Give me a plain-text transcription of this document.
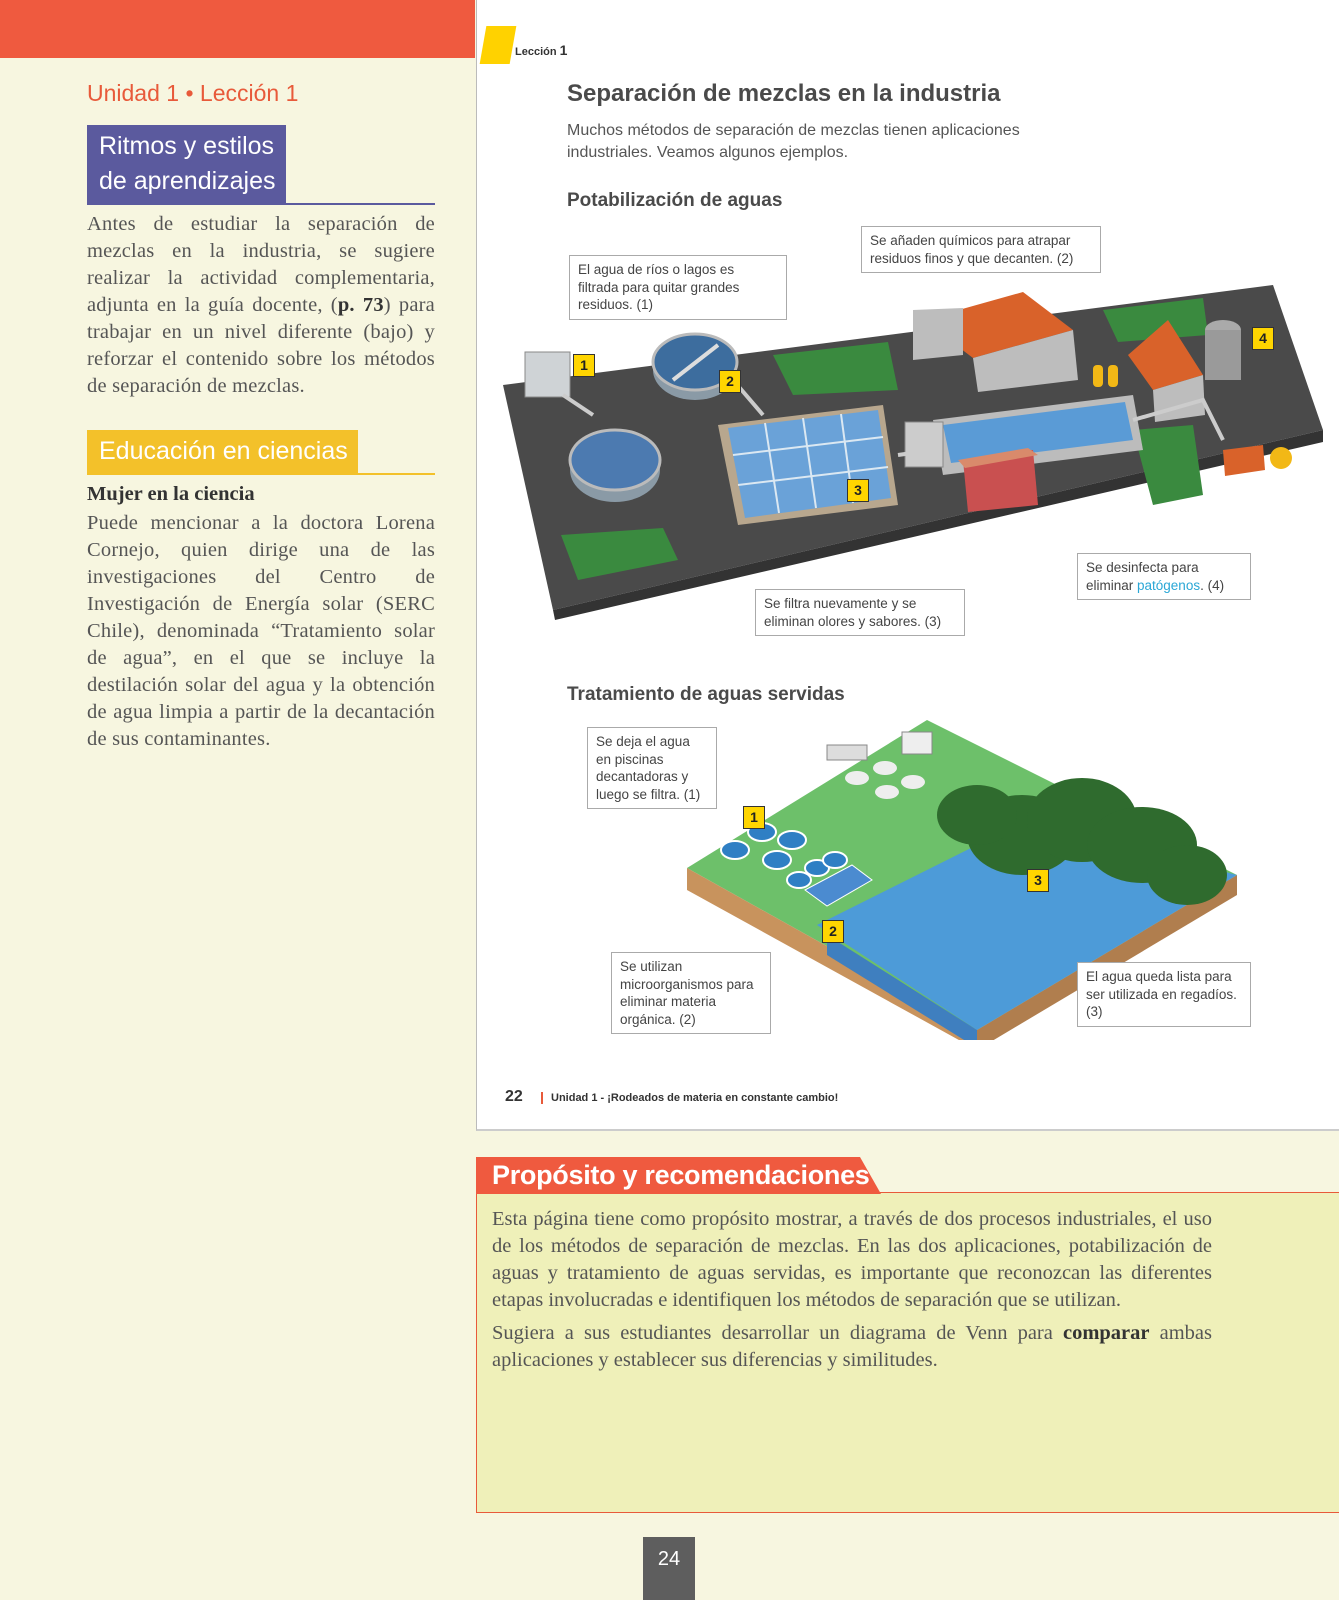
Unidad 1 • Lección 1
Ritmos y estilos
de aprendizajes

Antes de estudiar la separación de mezclas en la industria, se sugiere realizar la actividad complementaria, adjunta en la guía docente, (p. 73) para trabajar en un nivel diferente (bajo) y reforzar el contenido sobre los métodos de separación de mezclas.

Educación en ciencias
Mujer en la ciencia

Puede mencionar a la doctora Lorena Cornejo, quien dirige una de las investigaciones del Centro de Investigación de Energía solar (SERC Chile), denominada “Tratamiento solar de agua”, en el que se incluye la destilación solar del agua y la obtención de agua limpia a partir de la decantación de sus contaminantes.

Lección 1
Separación de mezclas en la industria
Muchos métodos de separación de mezclas tienen aplicaciones industriales. Veamos algunos ejemplos.
Potabilización de aguas
El agua de ríos o lagos es filtrada para quitar grandes residuos. (1)
Se añaden químicos para atrapar residuos finos y que decanten. (2)
Se filtra nuevamente y se eliminan olores y sabores. (3)
Se desinfecta para eliminar patógenos. (4)
1
2
3
4
Tratamiento de aguas servidas
Se deja el agua en piscinas decantadoras y luego se filtra. (1)
Se utilizan microorganismos para eliminar materia orgánica. (2)
El agua queda lista para ser utilizada en regadíos. (3)
1
2
3
22	Unidad 1 - ¡Rodeados de materia en constante cambio!
Propósito y recomendaciones

Esta página tiene como propósito mostrar, a través de dos procesos industriales, el uso de los métodos de separación de mezclas. En las dos aplicaciones, potabilización de aguas y tratamiento de aguas servidas, es importante que reconozcan las diferentes etapas involucradas e identifiquen los métodos de separación que se utilizan.

Sugiera a sus estudiantes desarrollar un diagrama de Venn para comparar ambas aplicaciones y establecer sus diferencias y similitudes.

24
